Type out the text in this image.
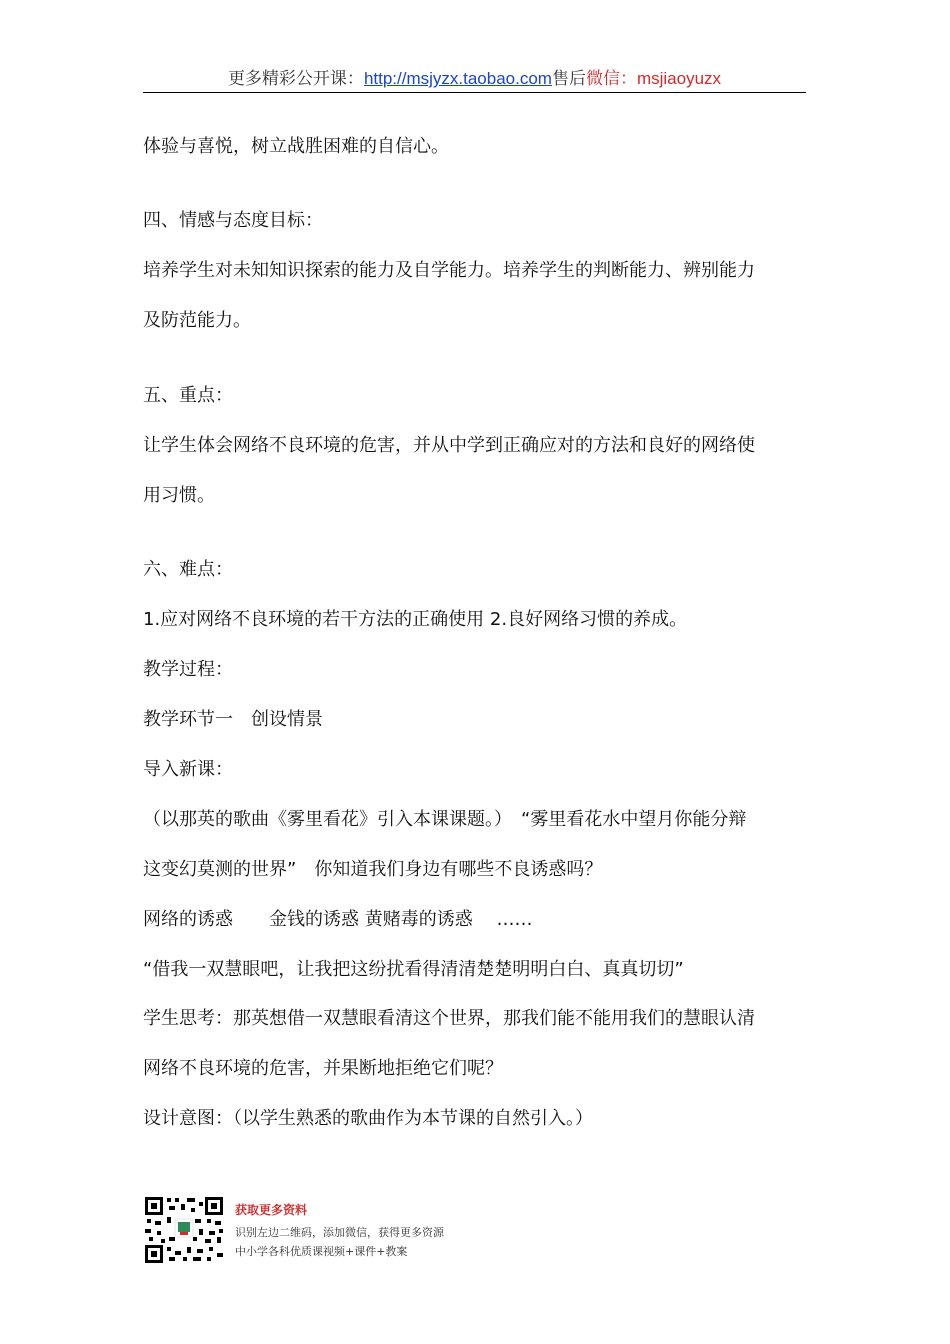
更多精彩公开课：http://msjyzx.taobao.com售后微信：msjiaoyuzx
体验与喜悦，树立战胜困难的自信心。
四、情感与态度目标：
培养学生对未知知识探索的能力及自学能力。培养学生的判断能力、辨别能力
及防范能力。
五、重点：
让学生体会网络不良环境的危害，并从中学到正确应对的方法和良好的网络使
用习惯。
六、难点：
1.应对网络不良环境的若干方法的正确使用 2.良好网络习惯的养成。
教学过程：
教学环节一　创设情景
导入新课：
（以那英的歌曲《雾里看花》引入本课课题。）　“雾里看花水中望月你能分辩
这变幻莫测的世界”　你知道我们身边有哪些不良诱惑吗？
网络的诱惑　　金钱的诱惑 黄赌毒的诱惑　 ……
“借我一双慧眼吧，让我把这纷扰看得清清楚楚明明白白、真真切切”
学生思考：那英想借一双慧眼看清这个世界，那我们能不能用我们的慧眼认清
网络不良环境的危害，并果断地拒绝它们呢？
设计意图：（以学生熟悉的歌曲作为本节课的自然引入。）
获取更多资料
识别左边二维码，添加微信，获得更多资源
中小学各科优质课视频+课件+教案
